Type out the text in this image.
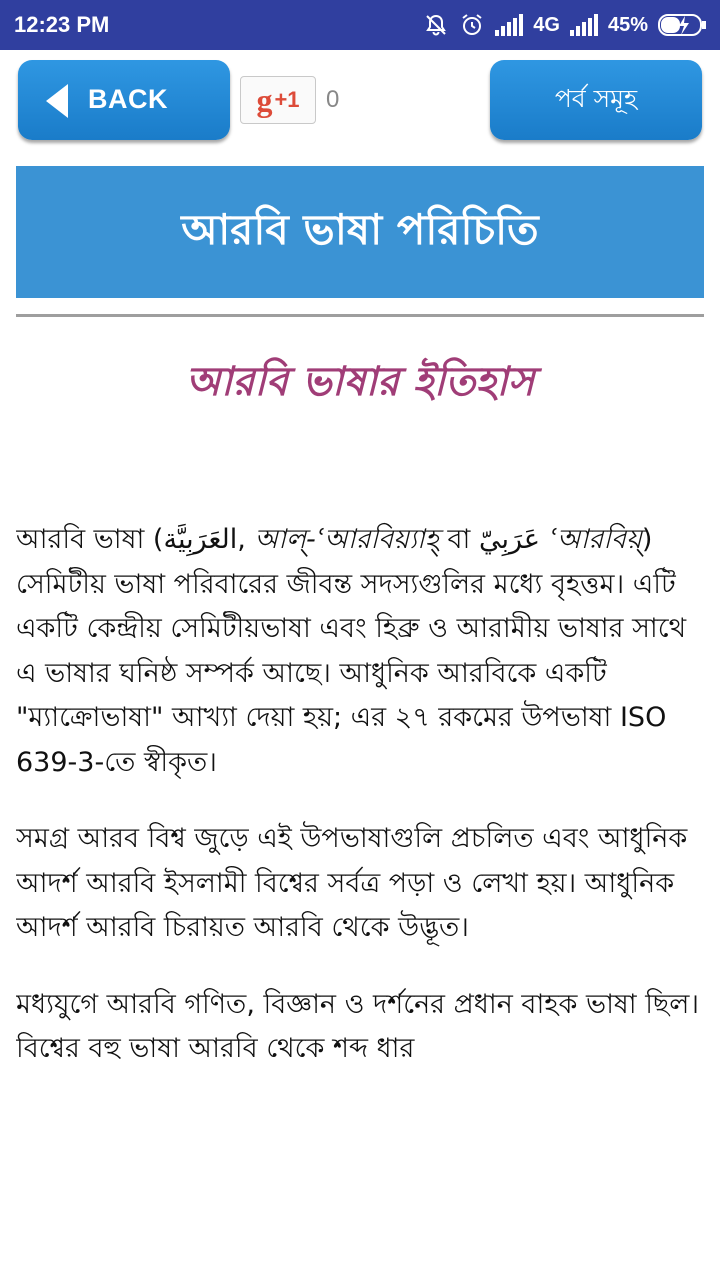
12:23 PM	4G 45%
BACK	g +1 0	পর্ব সমূহ
আরবি ভাষা পরিচিতি
আরবি ভাষার ইতিহাস

আরবি ভাষা (العَرَبِيَّة, আল্‌-ʿআরবিয়্যাহ্ বা عَرَبِيّ ʿআরবিয়্‌) সেমিটীয় ভাষা পরিবারের জীবন্ত সদস্যগুলির মধ্যে বৃহত্তম। এটি একটি কেন্দ্রীয় সেমিটীয়ভাষা এবং হিব্রু ও আরামীয় ভাষার সাথে এ ভাষার ঘনিষ্ঠ সম্পর্ক আছে। আধুনিক আরবিকে একটি "ম্যাক্রোভাষা" আখ্যা দেয়া হয়; এর ২৭ রকমের উপভাষা ISO 639-3-তে স্বীকৃত।

সমগ্র আরব বিশ্ব জুড়ে এই উপভাষাগুলি প্রচলিত এবং আধুনিক আদর্শ আরবি ইসলামী বিশ্বের সর্বত্র পড়া ও লেখা হয়। আধুনিক আদর্শ আরবি চিরায়ত আরবি থেকে উদ্ভূত।

মধ্যযুগে আরবি গণিত, বিজ্ঞান ও দর্শনের প্রধান বাহক ভাষা ছিল। বিশ্বের বহু ভাষা আরবি থেকে শব্দ ধার
